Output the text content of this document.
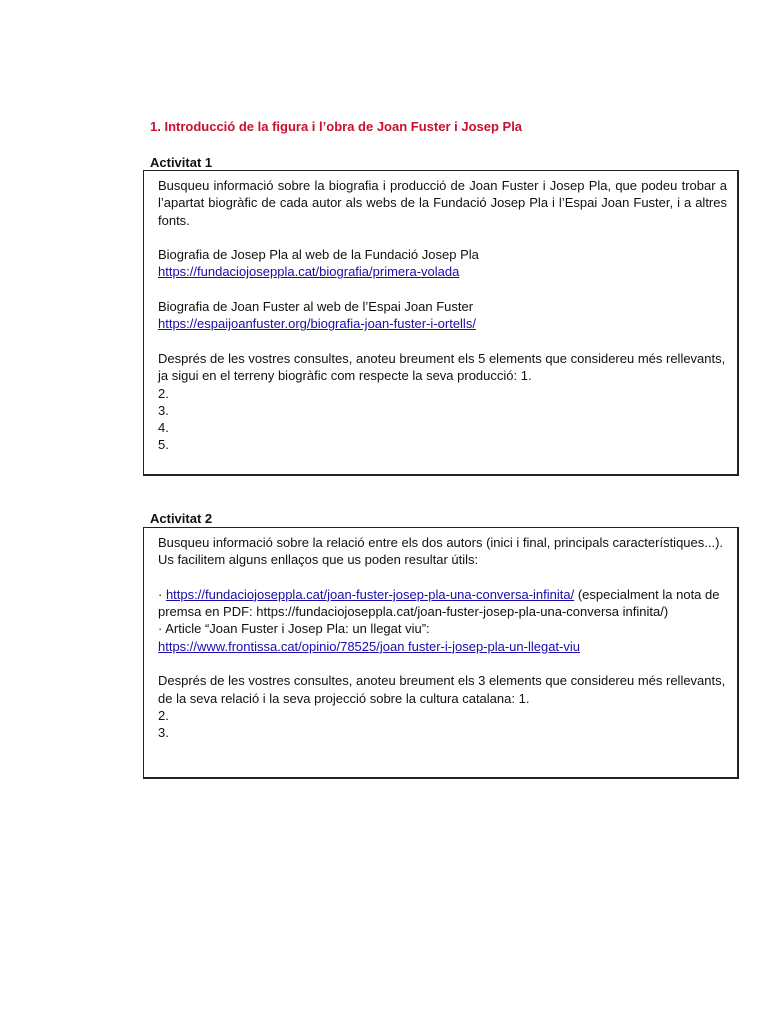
1. Introducció de la figura i l’obra de Joan Fuster i Josep Pla
Activitat 1

Busqueu informació sobre la biografia i producció de Joan Fuster i Josep Pla, que podeu trobar a l’apartat biogràfic de cada autor als webs de la Fundació Josep Pla i l’Espai Joan Fuster, i a altres fonts.

Biografia de Josep Pla al web de la Fundació Josep Pla

https://fundaciojoseppla.cat/biografia/primera-volada

Biografia de Joan Fuster al web de l’Espai Joan Fuster

https://espaijoanfuster.org/biografia-joan-fuster-i-ortells/

Després de les vostres consultes, anoteu breument els 5 elements que considereu més rellevants, ja sigui en el terreny biogràfic com respecte la seva producció: 1.

2.

3.

4.

5.

Activitat 2

Busqueu informació sobre la relació entre els dos autors (inici i final, principals característiques...). Us facilitem alguns enllaços que us poden resultar útils:

· https://fundaciojoseppla.cat/joan-fuster-josep-pla-una-conversa-infinita/ (especialment la nota de premsa en PDF: https://fundaciojoseppla.cat/joan-fuster-josep-pla-una-conversa infinita/)

· Article “Joan Fuster i Josep Pla: un llegat viu”:

https://www.frontissa.cat/opinio/78525/joan fuster-i-josep-pla-un-llegat-viu

Després de les vostres consultes, anoteu breument els 3 elements que considereu més rellevants, de la seva relació i la seva projecció sobre la cultura catalana: 1.

2.

3.
